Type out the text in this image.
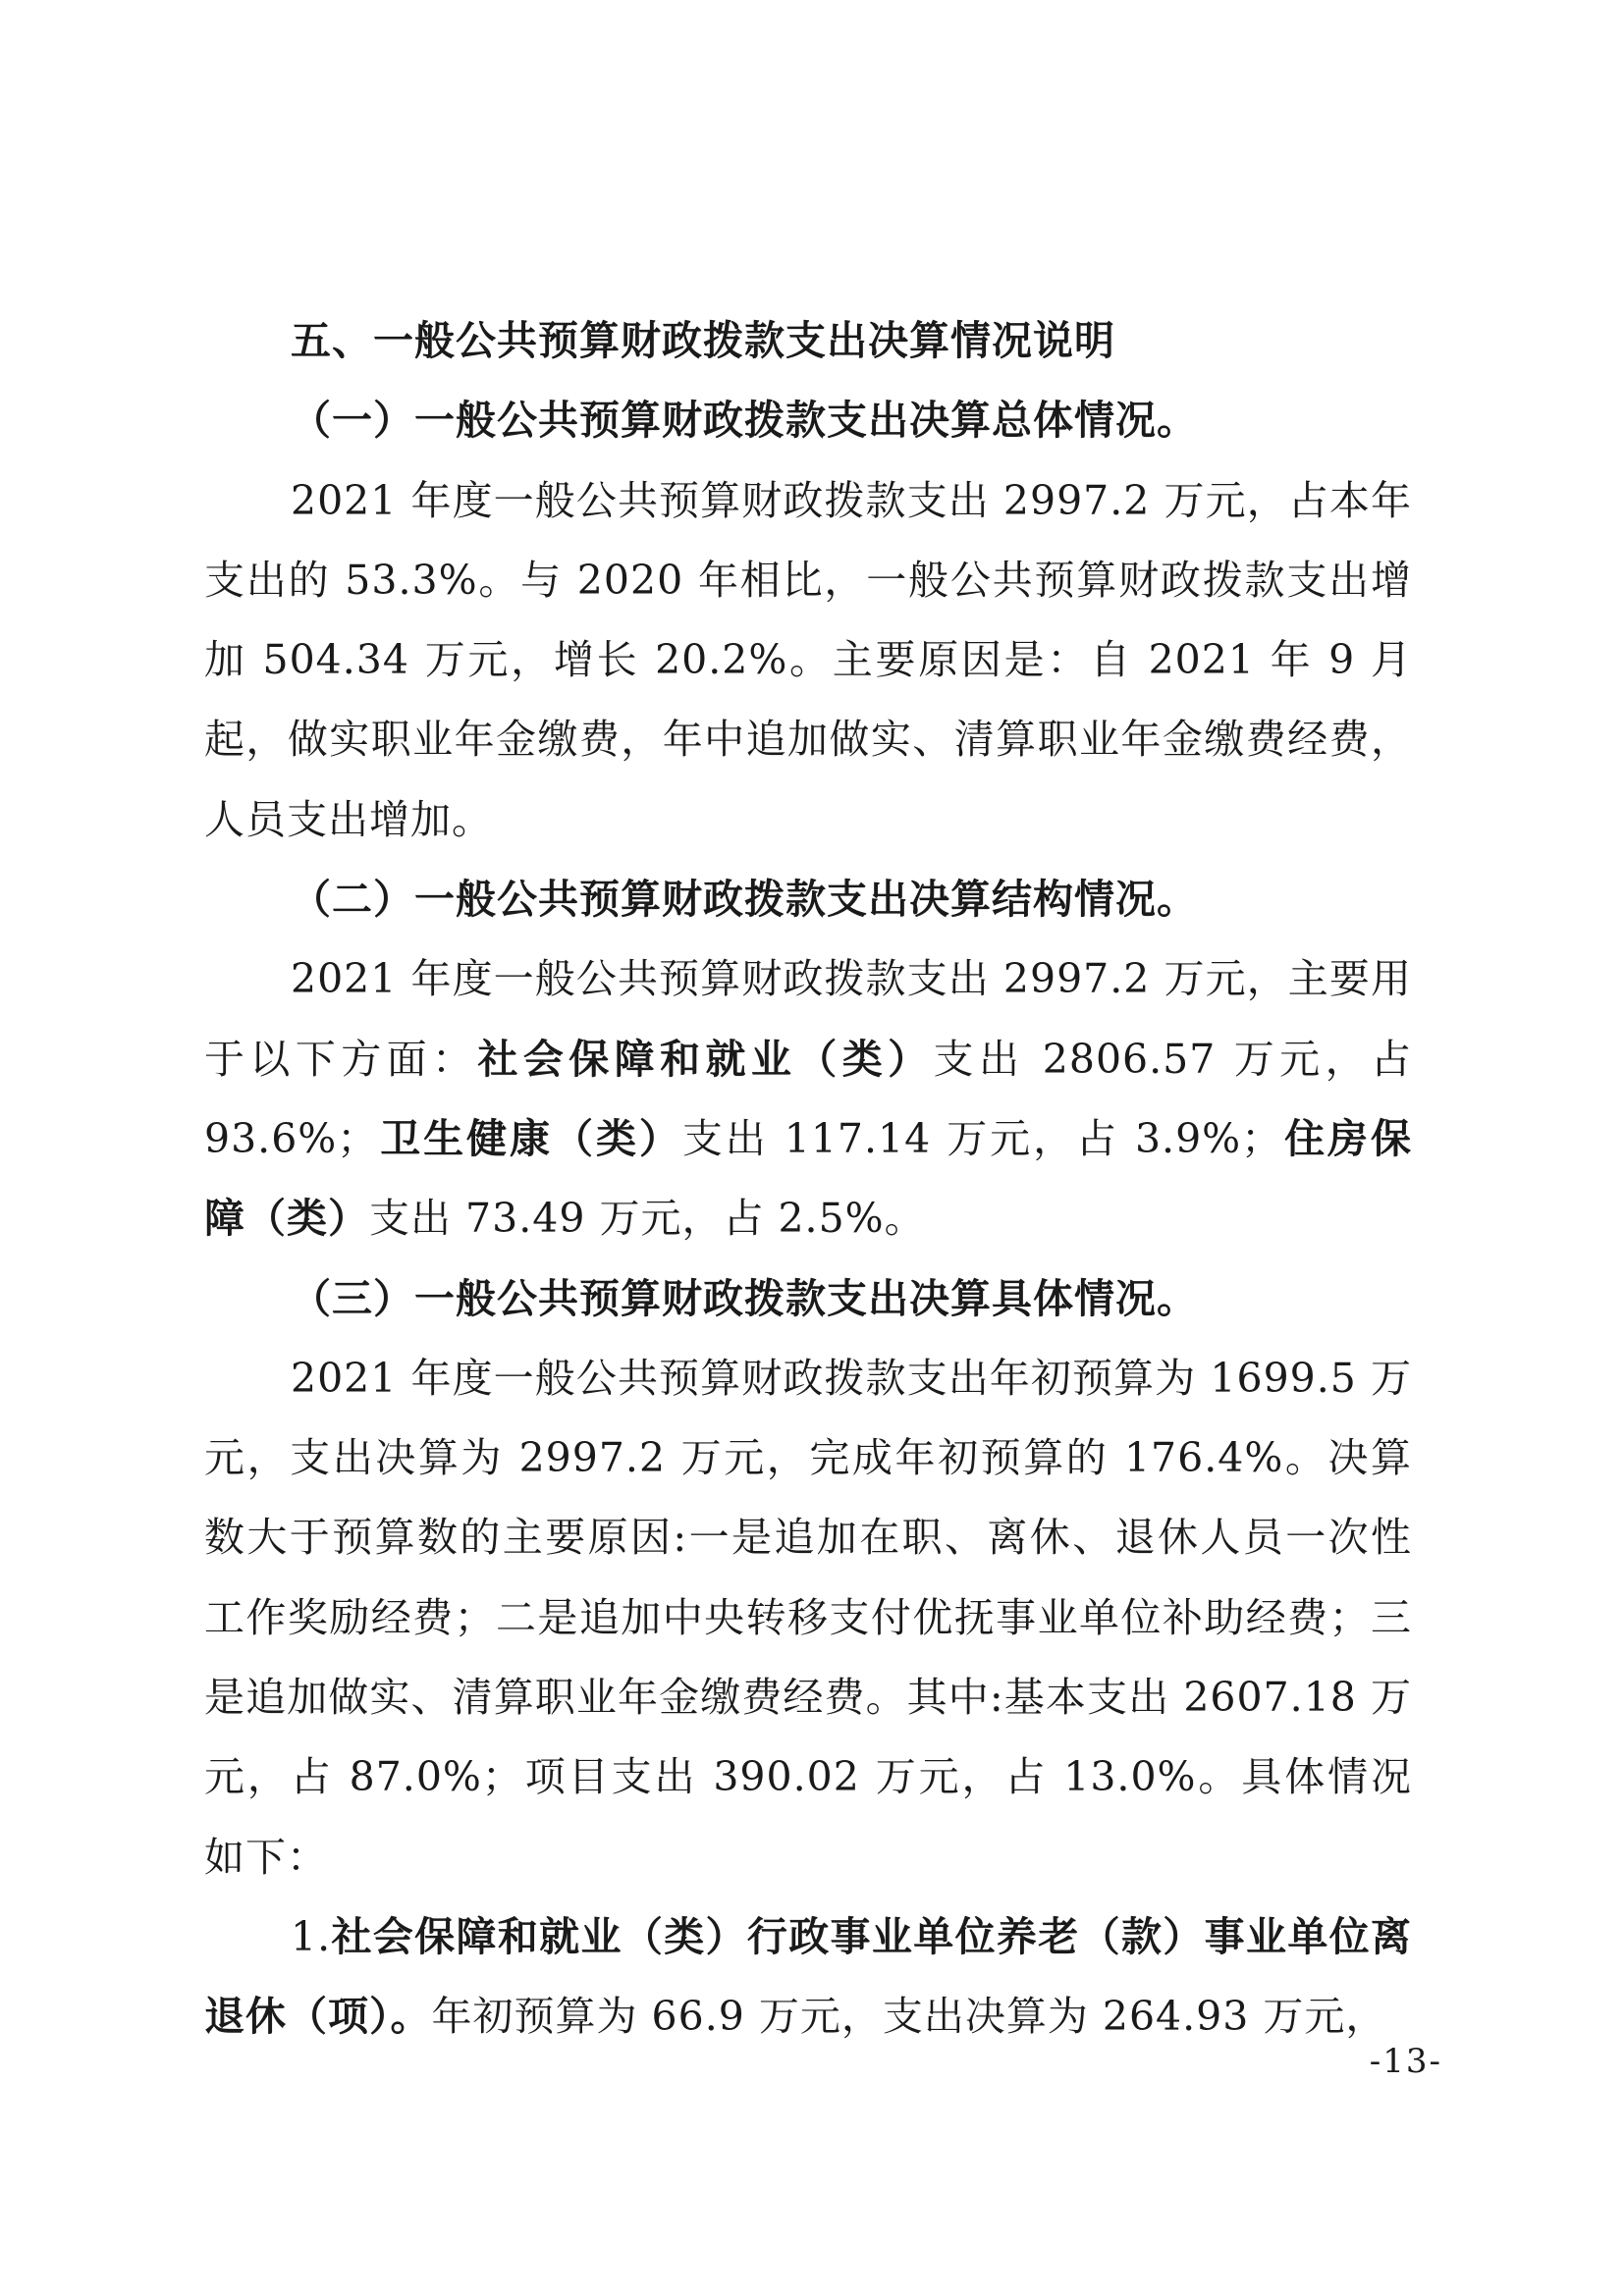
五、一般公共预算财政拨款支出决算情况说明

（一）一般公共预算财政拨款支出决算总体情况。

2021 年度一般公共预算财政拨款支出 2997.2 万元，占本年支出的 53.3%。与 2020 年相比，一般公共预算财政拨款支出增加 504.34 万元，增长 20.2%。主要原因是：自 2021 年 9 月起，做实职业年金缴费，年中追加做实、清算职业年金缴费经费，人员支出增加。

（二）一般公共预算财政拨款支出决算结构情况。

2021 年度一般公共预算财政拨款支出 2997.2 万元，主要用于以下方面：社会保障和就业（类）支出 2806.57 万元，占 93.6%；卫生健康（类）支出 117.14 万元，占 3.9%；住房保障（类）支出 73.49 万元，占 2.5%。

（三）一般公共预算财政拨款支出决算具体情况。

2021 年度一般公共预算财政拨款支出年初预算为 1699.5 万元，支出决算为 2997.2 万元，完成年初预算的 176.4%。决算数大于预算数的主要原因:一是追加在职、离休、退休人员一次性工作奖励经费；二是追加中央转移支付优抚事业单位补助经费；三是追加做实、清算职业年金缴费经费。其中:基本支出 2607.18 万元，占 87.0%；项目支出 390.02 万元，占 13.0%。具体情况如下：

1.社会保障和就业（类）行政事业单位养老（款）事业单位离退休（项）。年初预算为 66.9 万元，支出决算为 264.93 万元，

-13-
